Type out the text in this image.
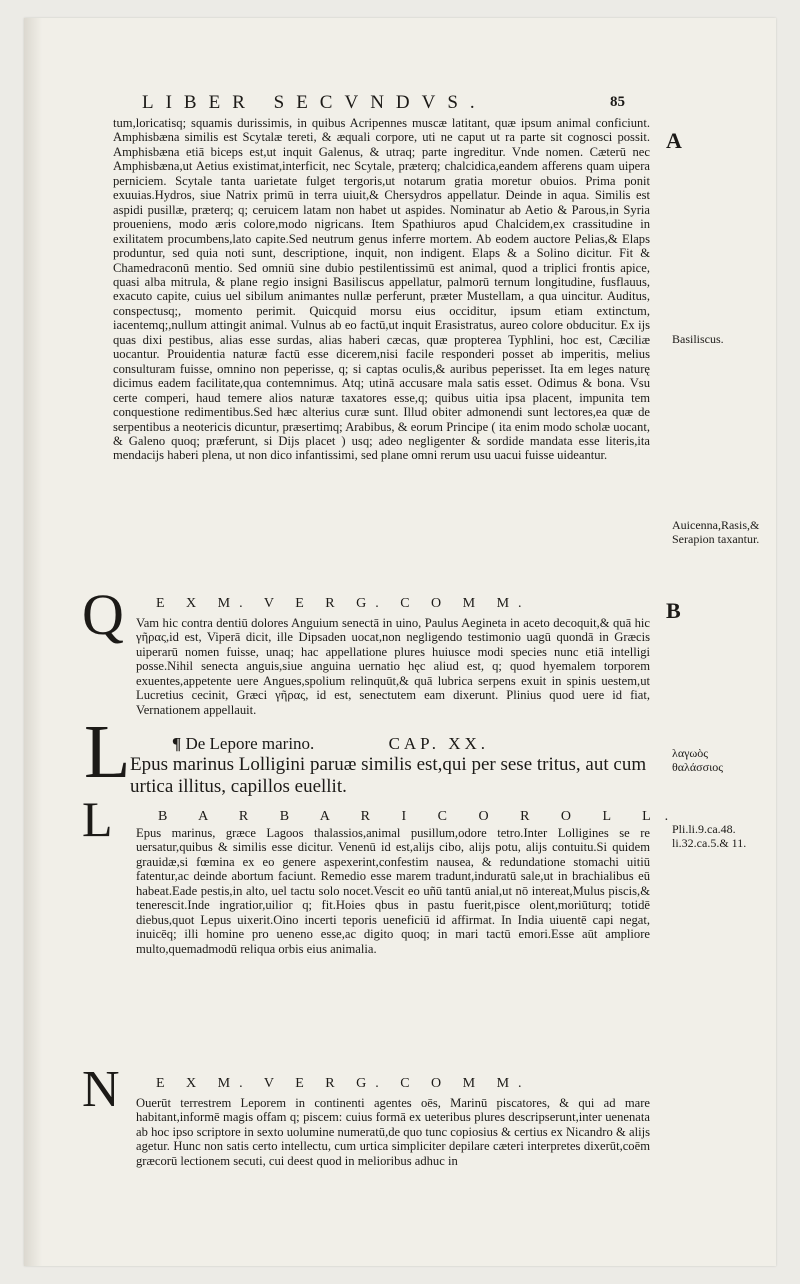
LIBER SECVNDVS.	85

tum,loricatisq; squamis durissimis, in quibus Acripennes muscæ latitant, quæ ipsum animal conficiunt. Amphisbæna similis est Scytalæ tereti, & æquali corpore, uti ne caput ut ra parte sit cognosci possit. Amphisbæna etiā biceps est,ut inquit Galenus, & utraq; parte ingreditur. Vnde nomen. Cæterū nec Amphisbæna,ut Aetius existimat,interficit, nec Scytale, præterq; chalcidica,eandem afferens quam uipera perniciem. Scytale tanta uarietate fulget tergoris,ut notarum gratia moretur obuios. Prima ponit exuuias.Hydros, siue Natrix primū in terra uiuit,& Chersydros appellatur. Deinde in aqua. Similis est aspidi pusillæ, præterq; q; ceruicem latam non habet ut aspides. Nominatur ab Aetio & Parous,in Syria proueniens, modo æris colore,modo nigricans. Item Spathiuros apud Chalcidem,ex crassitudine in exilitatem procumbens,lato capite.Sed neutrum genus inferre mortem. Ab eodem auctore Pelias,& Elaps produntur, sed quia noti sunt, descriptione, inquit, non indigent. Elaps & a Solino dicitur. Fit & Chamedraconū mentio. Sed omniū sine dubio pestilentissimū est animal, quod a triplici frontis apice, quasi alba mitrula, & plane regio insigni Basiliscus appellatur, palmorū ternum longitudine, fusflauus, exacuto capite, cuius uel sibilum animantes nullæ perferunt, præter Mustellam, a qua uincitur. Auditus, conspectusq;, momento perimit. Quicquid morsu eius occiditur, ipsum etiam extinctum, iacentemq;,nullum attingit animal. Vulnus ab eo factū,ut inquit Erasistratus, aureo colore obducitur. Ex ijs quas dixi pestibus, alias esse surdas, alias haberi cæcas, quæ propterea Typhlini, hoc est, Cæciliæ uocantur. Prouidentia naturæ factū esse dicerem,nisi facile responderi posset ab imperitis, melius consulturam fuisse, omnino non peperisse, q; si captas oculis,& auribus peperisset. Ita em leges naturę dicimus eadem facilitate,qua contemnimus. Atq; utinā accusare mala satis esset. Odimus & bona. Vsu certe comperi, haud temere alios naturæ taxatores esse,q; quibus uitia ipsa placent, impunita tem conquestione redimentibus.Sed hæc alterius curæ sunt. Illud obiter admonendi sunt lectores,ea quæ de serpentibus a neotericis dicuntur, præsertimq; Arabibus, & eorum Principe ( ita enim modo scholæ uocant, & Galeno quoq; præferunt, si Dijs placet ) usq; adeo negligenter & sordide mandata esse literis,ita mendacijs haberi plena, ut non dico infantissimi, sed plane omni rerum usu uacui fuisse uideantur.

E X M. V E R G. C O M M.
Q Vam hic contra dentiū dolores Anguium senectā in uino, Paulus Aegineta in aceto decoquit,& quā hic γῆρας,id est, Viperā dicit, ille Dipsaden uocat,non negligendo testimonio uagū quondā in Græcis uiperarū nomen fuisse, unaq; hac appellatione plures huiusce modi species nunc etiā intelligi posse.Nihil senecta anguis,siue anguina uernatio hęc aliud est, q; quod hyemalem torporem exuentes,appetente uere Angues,spolium relinquūt,& quā lubrica serpens exuit in spinis uestem,ut Lucretius cecinit, Græci γῆρας, id est, senectutem eam dixerunt. Plinius quod uere id fiat, Vernationem appellauit.

L ¶ De Lepore marino.	CAP. XX.
Epus marinus Lolligini paruæ similis est,qui per sese tritus, aut cum urtica illitus, capillos euellit.
B A R B A R I C O R O L L.
L Epus marinus, græce Lagoos thalassios,animal pusillum,odore tetro.Inter Lolligines se re uersatur,quibus & similis esse dicitur. Venenū id est,alijs cibo, alijs potu, alijs contuitu.Si quidem grauidæ,si fœmina ex eo genere aspexerint,confestim nausea, & redundatione stomachi uitiū fatentur,ac deinde abortum faciunt. Remedio esse marem tradunt,induratū sale,ut in brachialibus eū habeat.Eade pestis,in alto, uel tactu solo nocet.Vescit eo uñū tantū anial,ut nō intereat,Mulus piscis,& tenerescit.Inde ingratior,uilior q; fit.Hoies qbus in pastu fuerit,pisce olent,moriūturq; totidē diebus,quot Lepus uixerit.Oino incerti teporis ueneficiū id affirmat. In India uiuentē capi negat, inuicēq; illi homine pro ueneno esse,ac digito quoq; in mari tactū emori.Esse aūt ampliore multo,quemadmodū reliqua orbis eius animalia.

E X M. V E R G. C O M M.
N Ouerūt terrestrem Leporem in continenti agentes oēs, Marinū piscatores, & qui ad mare habitant,informē magis offam q; piscem: cuius formā ex ueteribus plures descripserunt,inter uenenata ab hoc ipso scriptore in sexto uolumine numeratū,de quo tunc copiosius & certius ex Nicandro & alijs agetur. Hunc non satis certo intellectu, cum urtica simpliciter depilare cæteri interpretes dixerūt,coēm græcorū lectionem secuti, cui deest quod in melioribus adhuc in

A
Basiliscus.
Auicenna,Rasis,& Serapion taxantur.
B
λαγωὸς θαλάσσιος
Pli.li.9.ca.48. li.32.ca.5.& 11.
